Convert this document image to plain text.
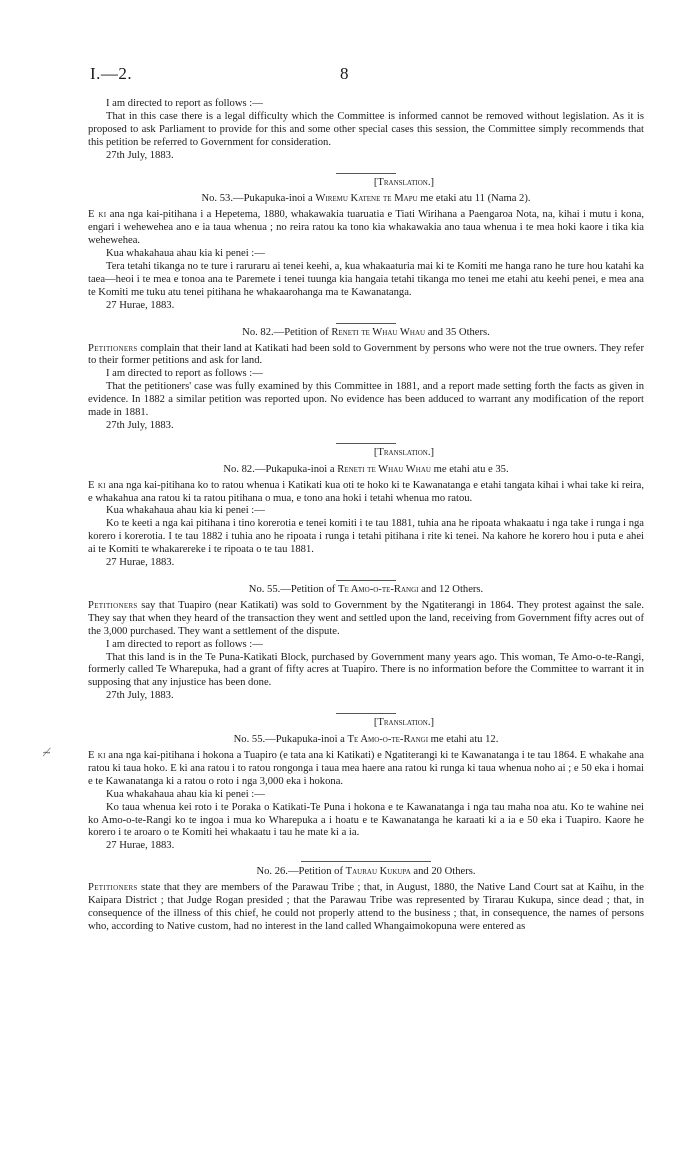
I.—2.	8
≁

I am directed to report as follows :—

That in this case there is a legal difficulty which the Committee is informed cannot be removed without legislation. As it is proposed to ask Parliament to provide for this and some other special cases this session, the Committee simply recommends that this petition be referred to Government for consideration.

27th July, 1883.

[Translation.]

No. 53.—Pukapuka-inoi a Wiremu Katene te Mapu me etaki atu 11 (Nama 2).

E ki ana nga kai-pitihana i a Hepetema, 1880, whakawakia tuaruatia e Tiati Wirihana a Paengaroa Nota, na, kihai i mutu i kona, engari i wehewehea ano e ia taua whenua ; no reira ratou ka tono kia whakawakia ano taua whenua i te mea hoki kaore i tika kia wehewehea.

Kua whakahaua ahau kia ki penei :—

Tera tetahi tikanga no te ture i raruraru ai tenei keehi, a, kua whakaaturia mai ki te Komiti me hanga rano he ture hou katahi ka taea—heoi i te mea e tonoa ana te Paremete i tenei tuunga kia hangaia tetahi tikanga mo tenei me etahi atu keehi penei, e mea ana te Komiti me tuku atu tenei pitihana he whakaarohanga ma te Kawanatanga.

27 Hurae, 1883.

No. 82.—Petition of Reneti te Whau Whau and 35 Others.

Petitioners complain that their land at Katikati had been sold to Government by persons who were not the true owners. They refer to their former petitions and ask for land.

I am directed to report as follows :—

That the petitioners' case was fully examined by this Committee in 1881, and a report made setting forth the facts as given in evidence. In 1882 a similar petition was reported upon. No evidence has been adduced to warrant any modification of the report made in 1881.

27th July, 1883.

[Translation.]

No. 82.—Pukapuka-inoi a Reneti te Whau Whau me etahi atu e 35.

E ki ana nga kai-pitihana ko to ratou whenua i Katikati kua oti te hoko ki te Kawanatanga e etahi tangata kihai i whai take ki reira, e whakahua ana ratou ki ta ratou pitihana o mua, e tono ana hoki i tetahi whenua mo ratou.

Kua whakahaua ahau kia ki penei :—

Ko te keeti a nga kai pitihana i tino korerotia e tenei komiti i te tau 1881, tuhia ana he ripoata whakaatu i nga take i runga i nga korero i korerotia. I te tau 1882 i tuhia ano he ripoata i runga i tetahi pitihana i rite ki tenei. Na kahore he korero hou i puta e ahei ai te Komiti te whakarereke i te ripoata o te tau 1881.

27 Hurae, 1883.

No. 55.—Petition of Te Amo-o-te-Rangi and 12 Others.

Petitioners say that Tuapiro (near Katikati) was sold to Government by the Ngatiterangi in 1864. They protest against the sale. They say that when they heard of the transaction they went and settled upon the land, receiving from Government fifty acres out of the 3,000 purchased. They want a settlement of the dispute.

I am directed to report as follows :—

That this land is in the Te Puna-Katikati Block, purchased by Government many years ago. This woman, Te Amo-o-te-Rangi, formerly called Te Wharepuka, had a grant of fifty acres at Tuapiro. There is no information before the Committee to warrant it in supposing that any injustice has been done.

27th July, 1883.

[Translation.]

No. 55.—Pukapuka-inoi a Te Amo-o-te-Rangi me etahi atu 12.

E ki ana nga kai-pitihana i hokona a Tuapiro (e tata ana ki Katikati) e Ngatiterangi ki te Kawanatanga i te tau 1864. E whakahe ana ratou ki taua hoko. E ki ana ratou i to ratou rongonga i taua mea haere ana ratou ki runga ki taua whenua noho ai ; e 50 eka i homai e te Kawanatanga ki a ratou o roto i nga 3,000 eka i hokona.

Kua whakahaua ahau kia ki penei :—

Ko taua whenua kei roto i te Poraka o Katikati-Te Puna i hokona e te Kawanatanga i nga tau maha noa atu. Ko te wahine nei ko Amo-o-te-Rangi ko te ingoa i mua ko Wharepuka a i hoatu e te Kawanatanga he karaati ki a ia e 50 eka i Tuapiro. Kaore he korero i te aroaro o te Komiti hei whakaatu i tau he mate ki a ia.

27 Hurae, 1883.

No. 26.—Petition of Taurau Kukupa and 20 Others.

Petitioners state that they are members of the Parawau Tribe ; that, in August, 1880, the Native Land Court sat at Kaihu, in the Kaipara District ; that Judge Rogan presided ; that the Parawau Tribe was represented by Tirarau Kukupa, since dead ; that, in consequence of the illness of this chief, he could not properly attend to the business ; that, in consequence, the names of persons who, according to Native custom, had no interest in the land called Whangaimokopuna were entered as
